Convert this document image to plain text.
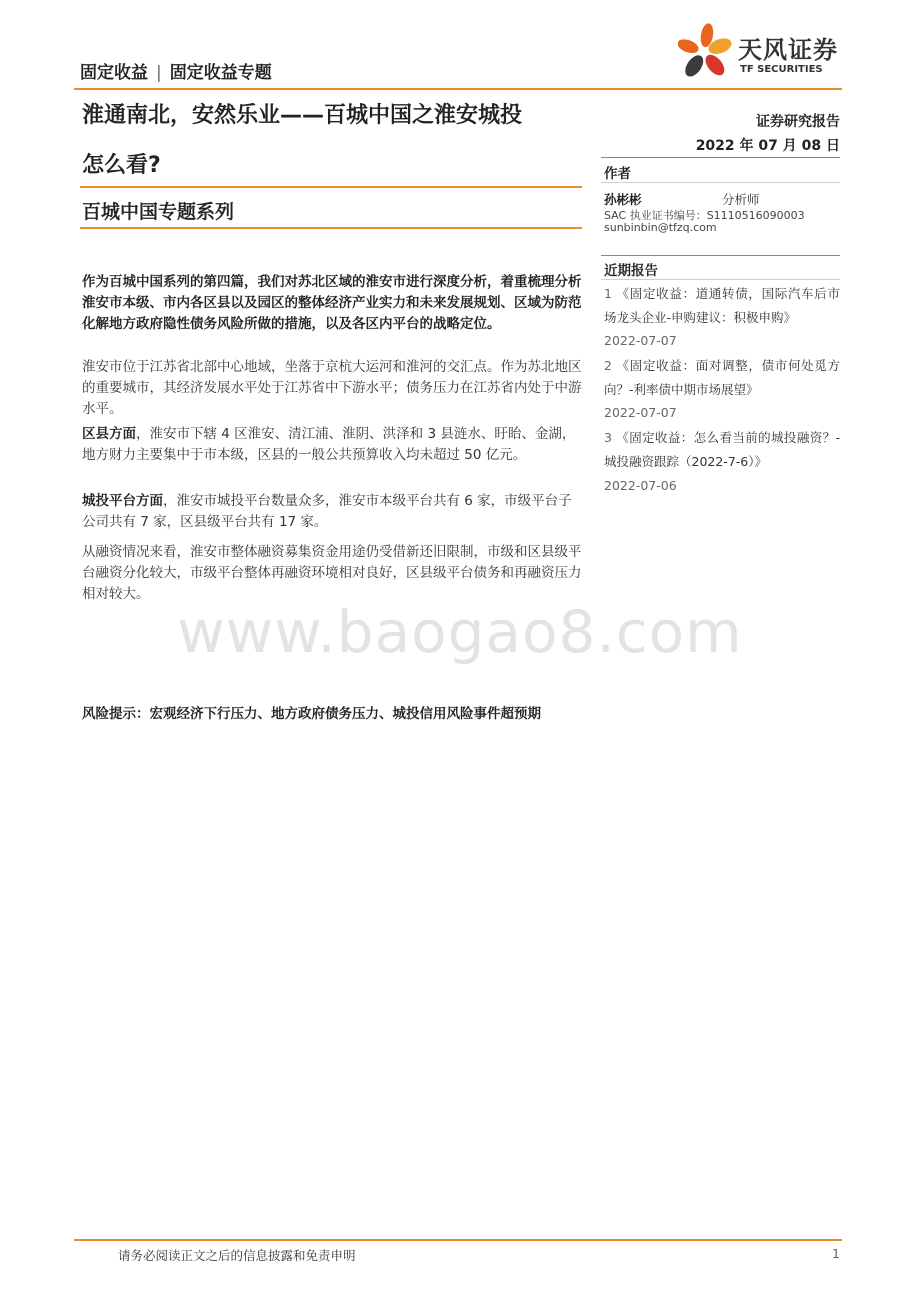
固定收益 | 固定收益专题
天风证券
TF SECURITIES
淮通南北，安然乐业——百城中国之淮安城投
怎么看?
百城中国专题系列
证券研究报告
2022 年 07 月 08 日
作者
孙彬彬	分析师
SAC 执业证书编号：S1110516090003
sunbinbin@tfzq.com
近期报告
1 《固定收益：道通转债，国际汽车后市场龙头企业-申购建议：积极申购》
2022-07-07
2 《固定收益：面对调整，债市何处觅方向？-利率债中期市场展望》
2022-07-07
3 《固定收益：怎么看当前的城投融资？-城投融资跟踪（2022-7-6）》
2022-07-06
作为百城中国系列的第四篇，我们对苏北区域的淮安市进行深度分析，着重梳理分析淮安市本级、市内各区县以及园区的整体经济产业实力和未来发展规划、区域为防范化解地方政府隐性债务风险所做的措施，以及各区内平台的战略定位。
淮安市位于江苏省北部中心地域，坐落于京杭大运河和淮河的交汇点。作为苏北地区的重要城市，其经济发展水平处于江苏省中下游水平；债务压力在江苏省内处于中游水平。
区县方面，淮安市下辖 4 区淮安、清江浦、淮阴、洪泽和 3 县涟水、盱眙、金湖，地方财力主要集中于市本级，区县的一般公共预算收入均未超过 50 亿元。
城投平台方面，淮安市城投平台数量众多，淮安市本级平台共有 6 家，市级平台子公司共有 7 家，区县级平台共有 17 家。
从融资情况来看，淮安市整体融资募集资金用途仍受借新还旧限制，市级和区县级平台融资分化较大，市级平台整体再融资环境相对良好，区县级平台债务和再融资压力相对较大。
www.baogao8.com
风险提示：宏观经济下行压力、地方政府债务压力、城投信用风险事件超预期
请务必阅读正文之后的信息披露和免责申明	1
